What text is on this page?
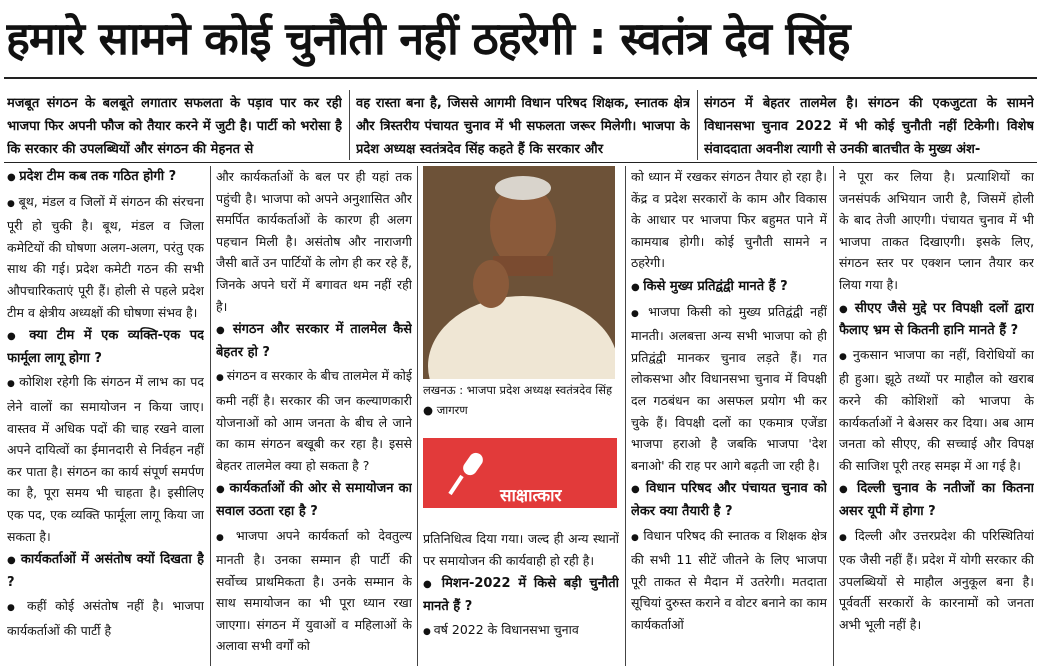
हमारे सामने कोई चुनौती नहीं ठहरेगी : स्वतंत्र देव सिंह
मजबूत संगठन के बलबूते लगातार सफलता के पड़ाव पार कर रही भाजपा फिर अपनी फौज को तैयार करने में जुटी है। पार्टी को भरोसा है कि सरकार की उपलब्धियों और संगठन की मेहनत से
वह रास्ता बना है, जिससे आगमी विधान परिषद शिक्षक, स्नातक क्षेत्र और त्रिस्तरीय पंचायत चुनाव में भी सफलता जरूर मिलेगी। भाजपा के प्रदेश अध्यक्ष स्वतंत्रदेव सिंह कहते हैं कि सरकार और
संगठन में बेहतर तालमेल है। संगठन की एकजुटता के सामने विधानसभा चुनाव 2022 में भी कोई चुनौती नहीं टिकेगी। विशेष संवाददाता अवनीश त्यागी से उनकी बातचीत के मुख्य अंश-

● प्रदेश टीम कब तक गठित होगी ?

● बूथ, मंडल व जिलों में संगठन की संरचना पूरी हो चुकी है। बूथ, मंडल व जिला कमेटियों की घोषणा अलग-अलग, परंतु एक साथ की गई। प्रदेश कमेटी गठन की सभी औपचारिकताएं पूरी हैं। होली से पहले प्रदेश टीम व क्षेत्रीय अध्यक्षों की घोषणा संभव है।

● क्या टीम में एक व्यक्ति-एक पद फार्मूला लागू होगा ?

● कोशिश रहेगी कि संगठन में लाभ का पद लेने वालों का समायोजन न किया जाए। वास्तव में अधिक पदों की चाह रखने वाला अपने दायित्वों का ईमानदारी से निर्वहन नहीं कर पाता है। संगठन का कार्य संपूर्ण समर्पण का है, पूरा समय भी चाहता है। इसीलिए एक पद, एक व्यक्ति फार्मूला लागू किया जा सकता है।

● कार्यकर्ताओं में असंतोष क्यों दिखता है ?

● कहीं कोई असंतोष नहीं है। भाजपा कार्यकर्ताओं की पार्टी है

और कार्यकर्ताओं के बल पर ही यहां तक पहुंची है। भाजपा को अपने अनुशासित और समर्पित कार्यकर्ताओं के कारण ही अलग पहचान मिली है। असंतोष और नाराजगी जैसी बातें उन पार्टियों के लोग ही कर रहे हैं, जिनके अपने घरों में बगावत थम नहीं रही है।

● संगठन और सरकार में तालमेल कैसे बेहतर हो ?

● संगठन व सरकार के बीच तालमेल में कोई कमी नहीं है। सरकार की जन कल्याणकारी योजनाओं को आम जनता के बीच ले जाने का काम संगठन बखूबी कर रहा है। इससे बेहतर तालमेल क्या हो सकता है ?

● कार्यकर्ताओं की ओर से समायोजन का सवाल उठता रहा है ?

● भाजपा अपने कार्यकर्ता को देवतुल्य मानती है। उनका सम्मान ही पार्टी की सर्वोच्च प्राथमिकता है। उनके सम्मान के साथ समायोजन का भी पूरा ध्यान रखा जाएगा। संगठन में युवाओं व महिलाओं के अलावा सभी वर्गों को

लखनऊ : भाजपा प्रदेश अध्यक्ष स्वतंत्रदेव सिंह ● जागरण
साक्षात्कार

प्रतिनिधित्व दिया गया। जल्द ही अन्य स्थानों पर समायोजन की कार्यवाही हो रही है।

● मिशन-2022 में किसे बड़ी चुनौती मानते हैं ?

● वर्ष 2022 के विधानसभा चुनाव

को ध्यान में रखकर संगठन तैयार हो रहा है। केंद्र व प्रदेश सरकारों के काम और विकास के आधार पर भाजपा फिर बहुमत पाने में कामयाब होगी। कोई चुनौती सामने न ठहरेगी।

● किसे मुख्य प्रतिद्वंद्वी मानते हैं ?

● भाजपा किसी को मुख्य प्रतिद्वंद्वी नहीं मानती। अलबत्ता अन्य सभी भाजपा को ही प्रतिद्वंद्वी मानकर चुनाव लड़ते हैं। गत लोकसभा और विधानसभा चुनाव में विपक्षी दल गठबंधन का असफल प्रयोग भी कर चुके हैं। विपक्षी दलों का एकमात्र एजेंडा भाजपा हराओ है जबकि भाजपा 'देश बनाओ' की राह पर आगे बढ़ती जा रही है।

● विधान परिषद और पंचायत चुनाव को लेकर क्या तैयारी है ?

● विधान परिषद की स्नातक व शिक्षक क्षेत्र की सभी 11 सीटें जीतने के लिए भाजपा पूरी ताकत से मैदान में उतरेगी। मतदाता सूचियां दुरुस्त कराने व वोटर बनाने का काम कार्यकर्ताओं

ने पूरा कर लिया है। प्रत्याशियों का जनसंपर्क अभियान जारी है, जिसमें होली के बाद तेजी आएगी। पंचायत चुनाव में भी भाजपा ताकत दिखाएगी। इसके लिए, संगठन स्तर पर एक्शन प्लान तैयार कर लिया गया है।

● सीएए जैसे मुद्दे पर विपक्षी दलों द्वारा फैलाए भ्रम से कितनी हानि मानते हैं ?

● नुकसान भाजपा का नहीं, विरोधियों का ही हुआ। झूठे तथ्यों पर माहौल को खराब करने की कोशिशों को भाजपा के कार्यकर्ताओं ने बेअसर कर दिया। अब आम जनता को सीएए, की सच्चाई और विपक्ष की साजिश पूरी तरह समझ में आ गई है।

● दिल्ली चुनाव के नतीजों का कितना असर यूपी में होगा ?

● दिल्ली और उत्तरप्रदेश की परिस्थितियां एक जैसी नहीं हैं। प्रदेश में योगी सरकार की उपलब्धियों से माहौल अनुकूल बना है। पूर्ववर्ती सरकारों के कारनामों को जनता अभी भूली नहीं है।
